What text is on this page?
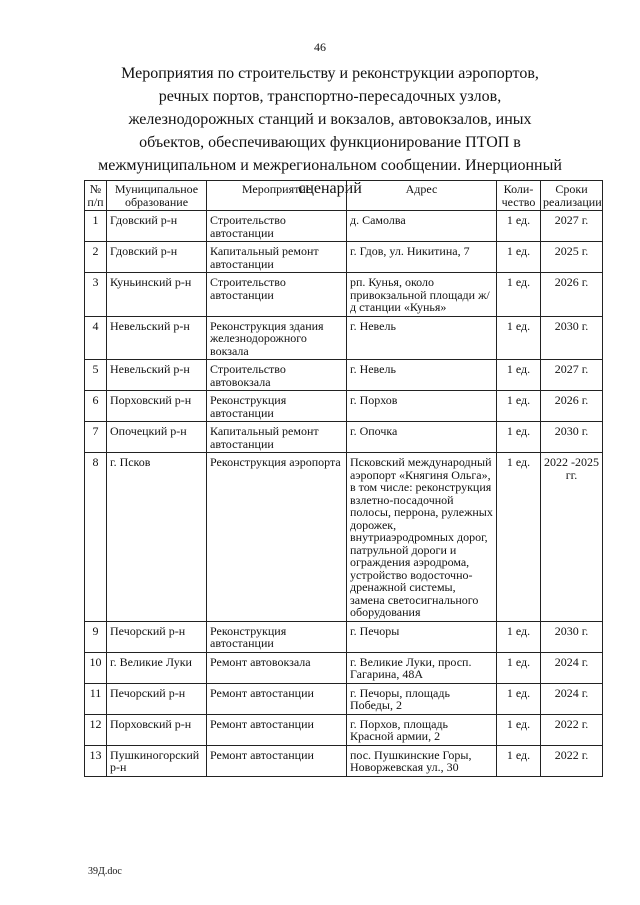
46
Мероприятия по строительству и реконструкции аэропортов, речных портов, транспортно-пересадочных узлов, железнодорожных станций и вокзалов, автовокзалов, иных объектов, обеспечивающих функционирование ПТОП в межмуниципальном и межрегиональном сообщении. Инерционный сценарий
№ п/п	Муниципальное образование	Мероприятие	Адрес	Коли-чество	Сроки реализации
1	Гдовский р-н	Строительство автостанции	д. Самолва	1 ед.	2027 г.
2	Гдовский р-н	Капитальный ремонт автостанции	г. Гдов, ул. Никитина, 7	1 ед.	2025 г.
3	Куньинский р-н	Строительство автостанции	рп. Кунья, около привокзальной площади ж/д станции «Кунья»	1 ед.	2026 г.
4	Невельский р-н	Реконструкция здания железнодорожного вокзала	г. Невель	1 ед.	2030 г.
5	Невельский р-н	Строительство автовокзала	г. Невель	1 ед.	2027 г.
6	Порховский р-н	Реконструкция автостанции	г. Порхов	1 ед.	2026 г.
7	Опочецкий р-н	Капитальный ремонт автостанции	г. Опочка	1 ед.	2030 г.
8	г. Псков	Реконструкция аэропорта	Псковский международный аэропорт «Княгиня Ольга», в том числе: реконструкция взлетно-посадочной полосы, перрона, рулежных дорожек, внутриаэродромных дорог, патрульной дороги и ограждения аэродрома, устройство водосточно-дренажной системы, замена светосигнального оборудования	1 ед.	2022 -2025 гг.
9	Печорский р-н	Реконструкция автостанции	г. Печоры	1 ед.	2030 г.
10	г. Великие Луки	Ремонт автовокзала	г. Великие Луки, просп. Гагарина, 48А	1 ед.	2024 г.
11	Печорский р-н	Ремонт автостанции	г. Печоры, площадь Победы, 2	1 ед.	2024 г.
12	Порховский р-н	Ремонт автостанции	г. Порхов, площадь Красной армии, 2	1 ед.	2022 г.
13	Пушкиногорский р-н	Ремонт автостанции	пос. Пушкинские Горы, Новоржевская ул., 30	1 ед.	2022 г.
39Д.doc
